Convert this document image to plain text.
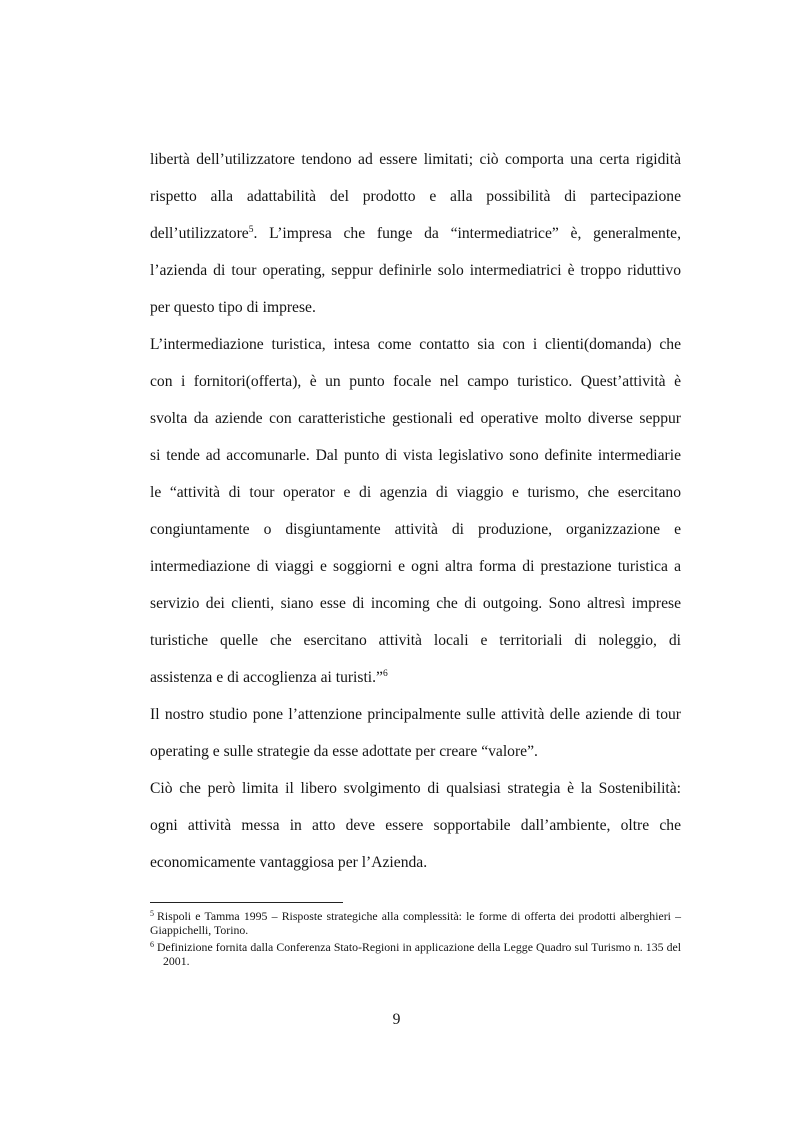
libertà dell’utilizzatore tendono ad essere limitati; ciò comporta una certa rigidità
rispetto alla adattabilità del prodotto e alla possibilità di partecipazione
dell’utilizzatore$^5$. L’impresa che funge da “intermediatrice” è, generalmente,
l’azienda di tour operating, seppur definirle solo intermediatrici è troppo riduttivo
per questo tipo di imprese.
L’intermediazione turistica, intesa come contatto sia con i clienti(domanda) che
con i fornitori(offerta), è un punto focale nel campo turistico. Quest’attività è
svolta da aziende con caratteristiche gestionali ed operative molto diverse seppur
si tende ad accomunarle. Dal punto di vista legislativo sono definite intermediarie
le “attività di tour operator e di agenzia di viaggio e turismo, che esercitano
congiuntamente o disgiuntamente attività di produzione, organizzazione e
intermediazione di viaggi e soggiorni e ogni altra forma di prestazione turistica a
servizio dei clienti, siano esse di incoming che di outgoing. Sono altresì imprese
turistiche quelle che esercitano attività locali e territoriali di noleggio, di
assistenza e di accoglienza ai turisti.”$^6$
Il nostro studio pone l’attenzione principalmente sulle attività delle aziende di tour
operating e sulle strategie da esse adottate per creare “valore”.
Ciò che però limita il libero svolgimento di qualsiasi strategia è la Sostenibilità:
ogni attività messa in atto deve essere sopportabile dall’ambiente, oltre che
economicamente vantaggiosa per l’Azienda.
$^5$ Rispoli e Tamma 1995 – Risposte strategiche alla complessità: le forme di offerta dei prodotti alberghieri – Giappichelli, Torino.
$^6$ Definizione fornita dalla Conferenza Stato-Regioni in applicazione della Legge Quadro sul Turismo n. 135 del 2001.
9
